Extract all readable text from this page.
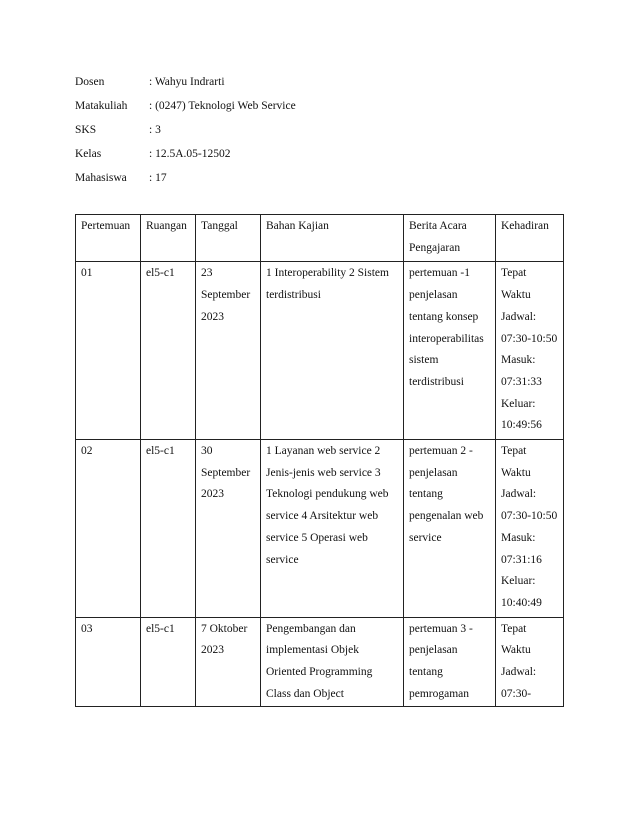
Dosen	: Wahyu Indrarti
Matakuliah	: (0247) Teknologi Web Service
SKS	: 3
Kelas	: 12.5A.05-12502
Mahasiswa	: 17
Pertemuan	Ruangan	Tanggal	Bahan Kajian	Berita Acara Pengajaran	Kehadiran
01	el5-c1	23 September 2023	1 Interoperability 2 Sistem terdistribusi	pertemuan -1 penjelasan tentang konsep interoperabilitas sistem terdistribusi	Tepat Waktu Jadwal: 07:30-10:50 Masuk: 07:31:33 Keluar: 10:49:56
02	el5-c1	30 September 2023	1 Layanan web service 2 Jenis-jenis web service 3 Teknologi pendukung web service 4 Arsitektur web service 5 Operasi web service	pertemuan 2 - penjelasan tentang pengenalan web service	Tepat Waktu Jadwal: 07:30-10:50 Masuk: 07:31:16 Keluar: 10:40:49

03	el5-c1	7 Oktober 2023	Pengembangan dan implementasi Objek Oriented Programming Class dan Object	pertemuan 3 - penjelasan tentang pemrogaman	Tepat Waktu Jadwal: 07:30-
